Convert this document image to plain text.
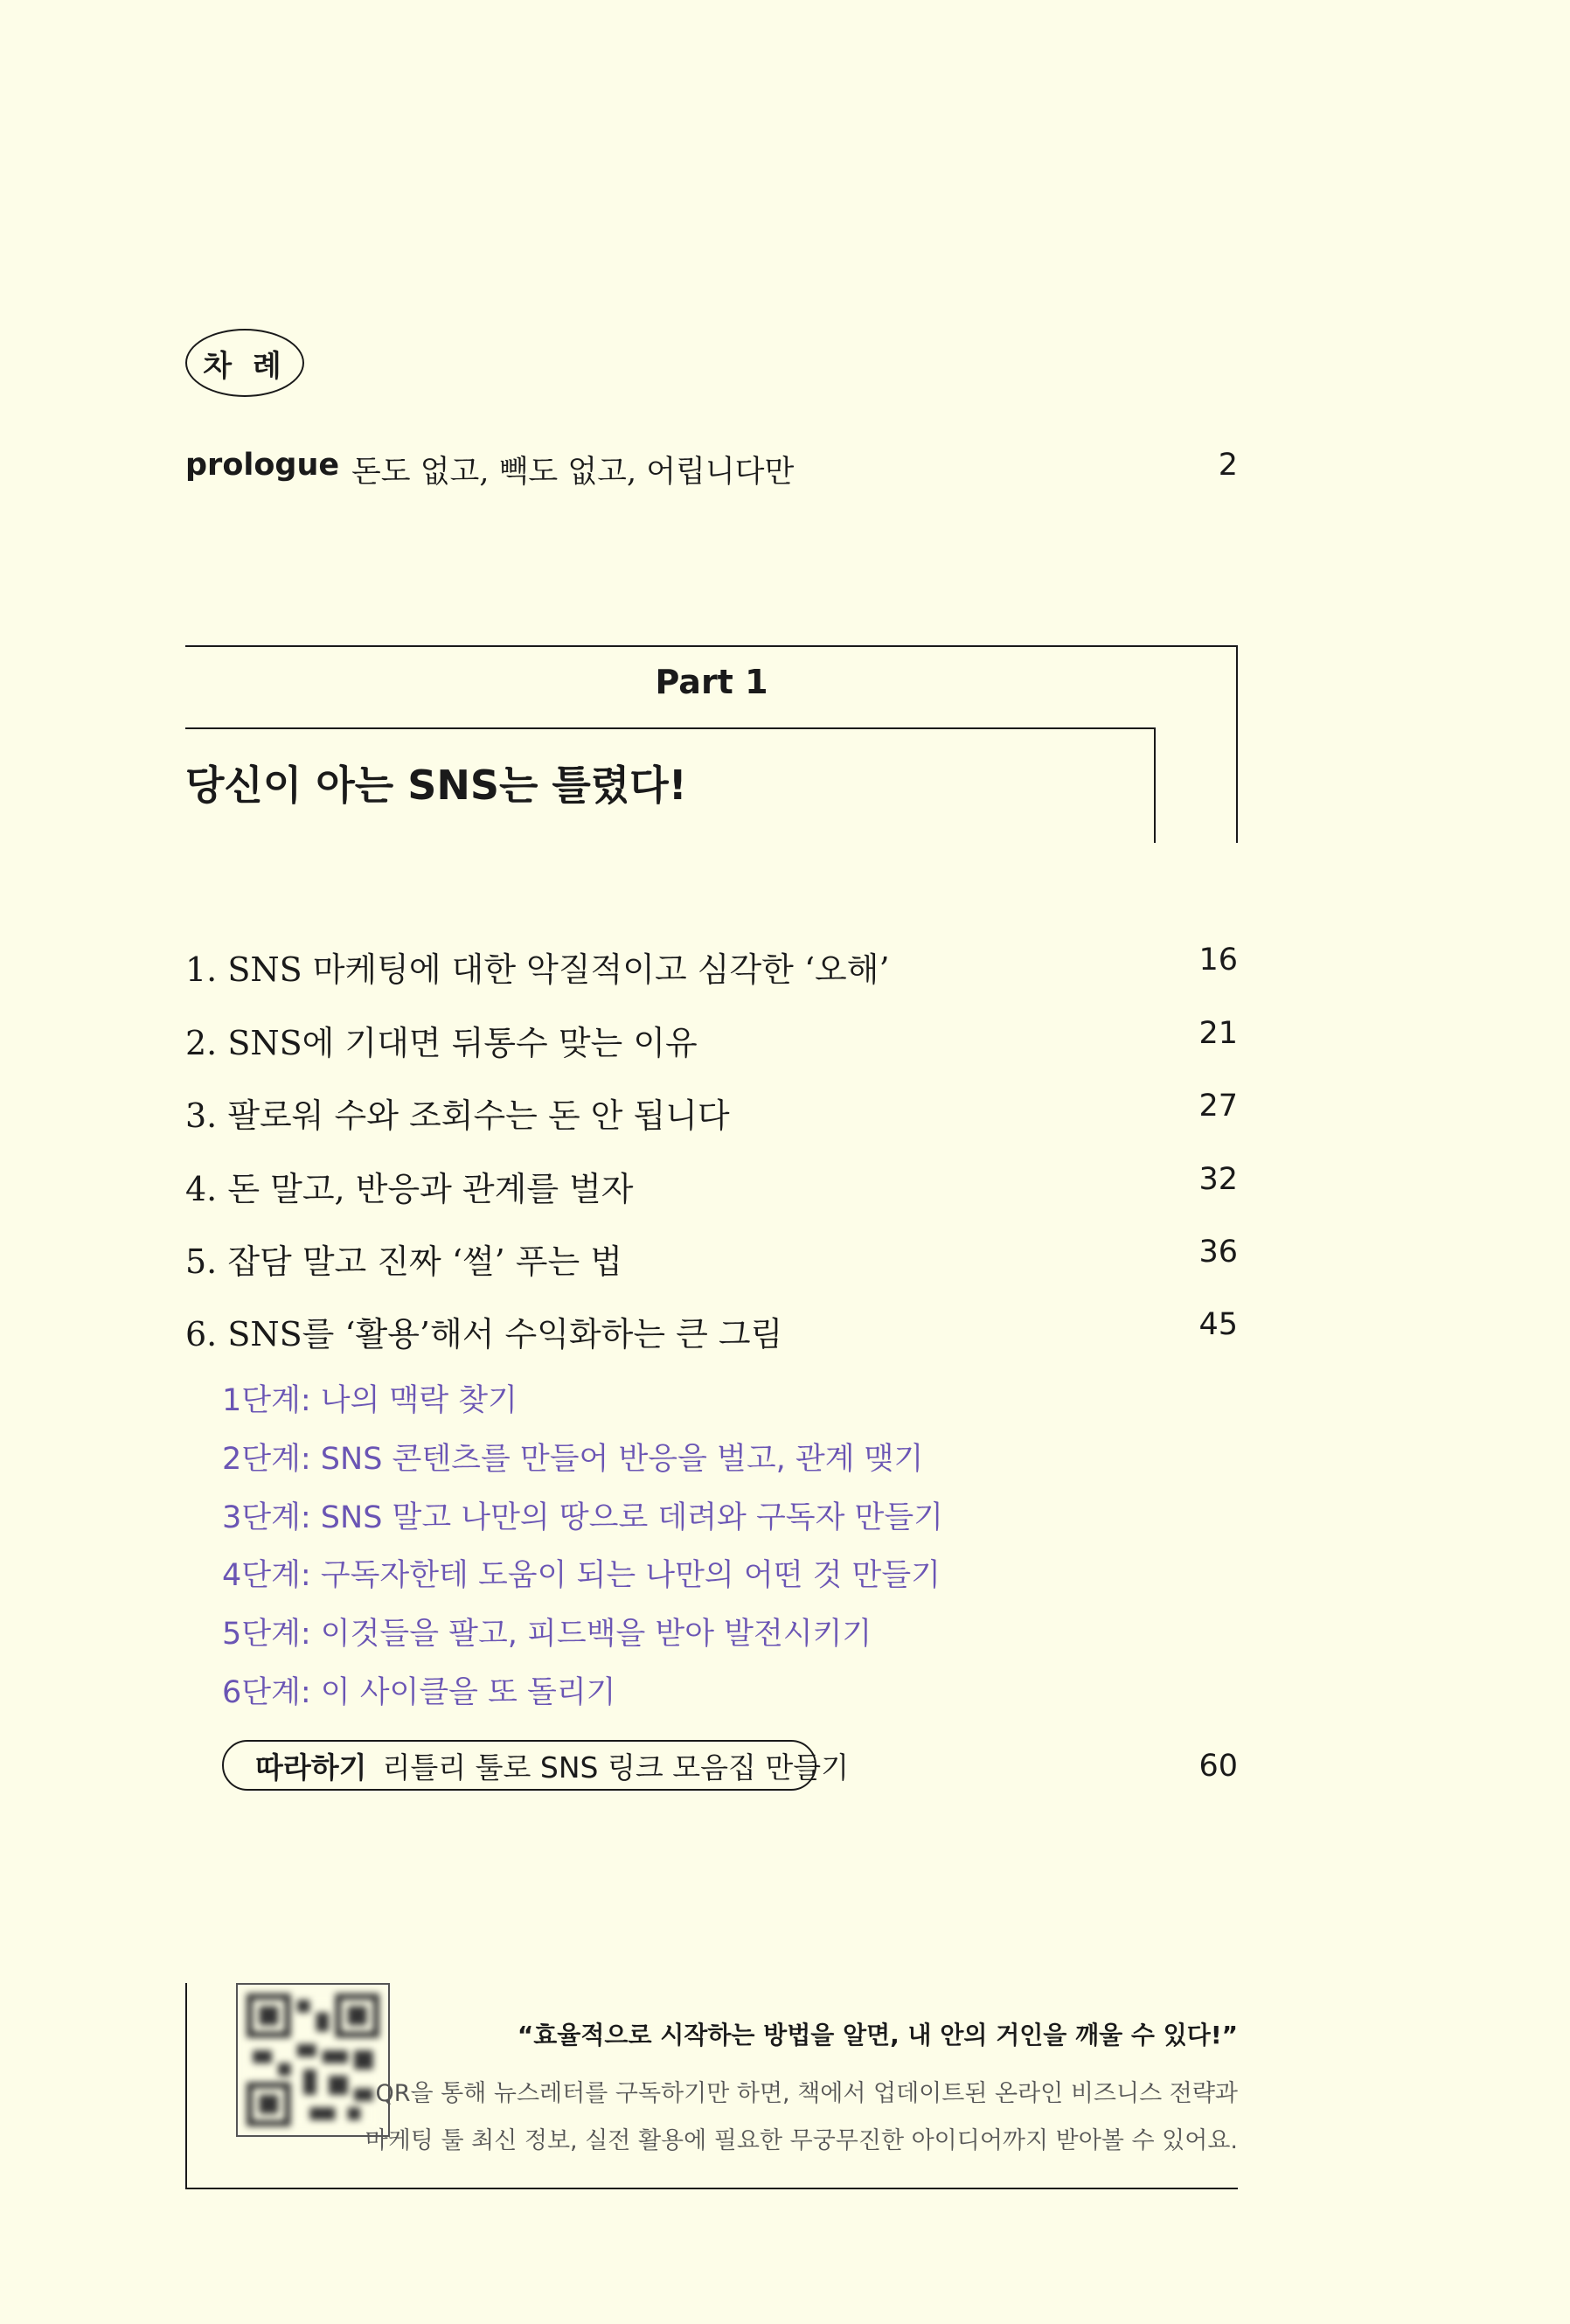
차 례
prologue 돈도 없고, 빽도 없고, 어립니다만	2
Part 1
당신이 아는 SNS는 틀렸다!
1. SNS 마케팅에 대한 악질적이고 심각한 ‘오해’	16
2. SNS에 기대면 뒤통수 맞는 이유	21
3. 팔로워 수와 조회수는 돈 안 됩니다	27
4. 돈 말고, 반응과 관계를 벌자	32
5. 잡담 말고 진짜 ‘썰’ 푸는 법	36
6. SNS를 ‘활용’해서 수익화하는 큰 그림	45
1단계: 나의 맥락 찾기
2단계: SNS 콘텐츠를 만들어 반응을 벌고, 관계 맺기
3단계: SNS 말고 나만의 땅으로 데려와 구독자 만들기
4단계: 구독자한테 도움이 되는 나만의 어떤 것 만들기
5단계: 이것들을 팔고, 피드백을 받아 발전시키기
6단계: 이 사이클을 또 돌리기
따라하기 리틀리 툴로 SNS 링크 모음집 만들기	60
“효율적으로 시작하는 방법을 알면, 내 안의 거인을 깨울 수 있다!”
QR을 통해 뉴스레터를 구독하기만 하면, 책에서 업데이트된 온라인 비즈니스 전략과
마케팅 툴 최신 정보, 실전 활용에 필요한 무궁무진한 아이디어까지 받아볼 수 있어요.
